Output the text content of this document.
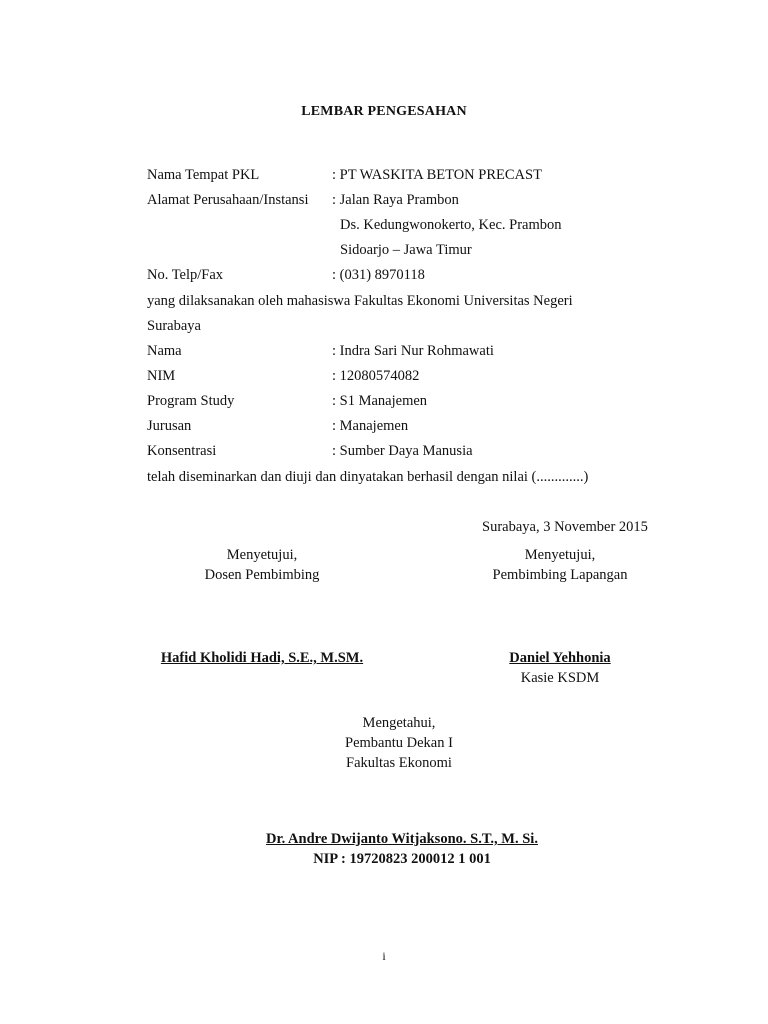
LEMBAR PENGESAHAN
Nama Tempat PKL	: PT WASKITA BETON PRECAST
Alamat Perusahaan/Instansi : Jalan Raya Prambon
Ds. Kedungwonokerto, Kec. Prambon
Sidoarjo – Jawa Timur
No. Telp/Fax	: (031) 8970118
yang dilaksanakan oleh mahasiswa Fakultas Ekonomi Universitas Negeri
Surabaya
Nama	: Indra Sari Nur Rohmawati
NIM	: 12080574082
Program Study	: S1 Manajemen
Jurusan	: Manajemen
Konsentrasi	: Sumber Daya Manusia
telah diseminarkan dan diuji dan dinyatakan berhasil dengan nilai (.............)
Surabaya, 3 November 2015
Menyetujui,
Dosen Pembimbing
Menyetujui,
Pembimbing Lapangan
Hafid Kholidi Hadi, S.E., M.SM.	Daniel Yehhonia
Kasie KSDM
Mengetahui,
Pembantu Dekan I
Fakultas Ekonomi
Dr. Andre Dwijanto Witjaksono. S.T., M. Si.
NIP : 19720823 200012 1 001
i
